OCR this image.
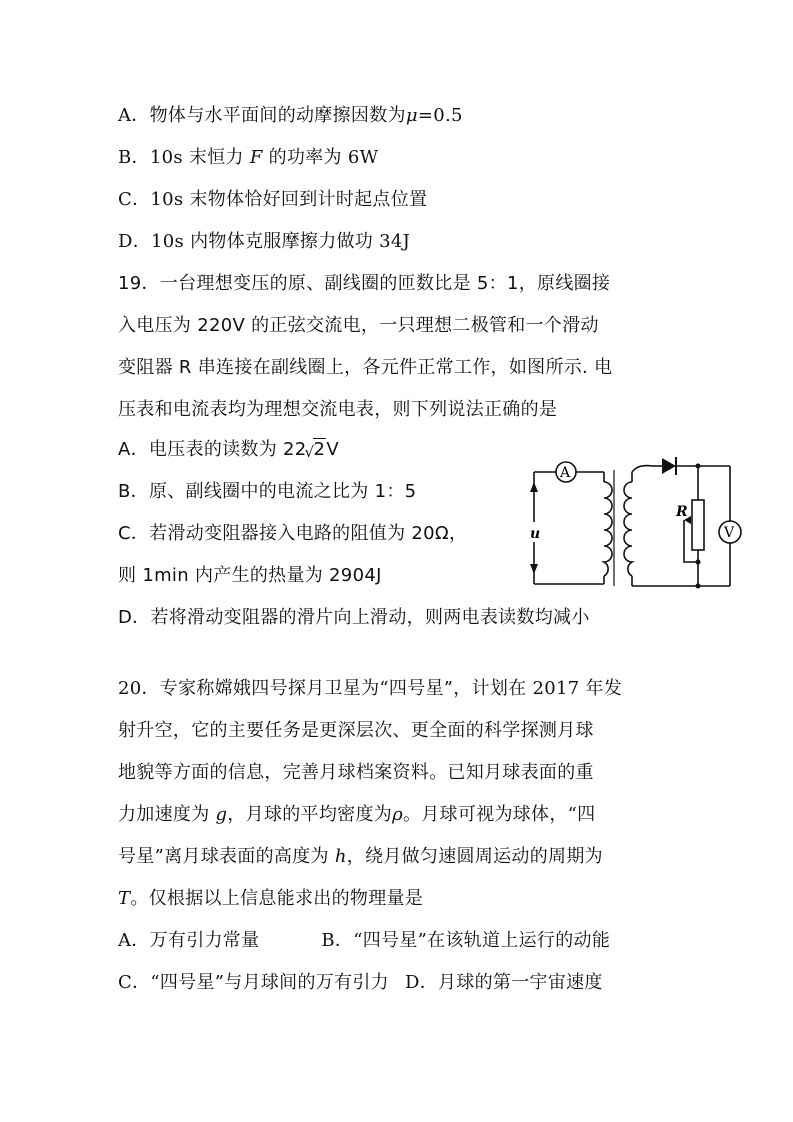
A．物体与水平面间的动摩擦因数为μ=0.5
B．10s 末恒力 F 的功率为 6W
C．10s 末物体恰好回到计时起点位置
D．10s 内物体克服摩擦力做功 34J
19．一台理想变压的原、副线圈的匝数比是 5：1，原线圈接
入电压为 220V 的正弦交流电，一只理想二极管和一个滑动
变阻器 R 串连接在副线圈上，各元件正常工作，如图所示. 电
压表和电流表均为理想交流电表，则下列说法正确的是
A．电压表的读数为 22
√ 2V
B．原、副线圈中的电流之比为 1：5
C．若滑动变阻器接入电路的阻值为 20Ω，
则 1min 内产生的热量为 2904J
D．若将滑动变阻器的滑片向上滑动，则两电表读数均减小
u
A
V
R
20．专家称嫦娥四号探月卫星为“四号星”，计划在 2017 年发
射升空，它的主要任务是更深层次、更全面的科学探测月球
地貌等方面的信息，完善月球档案资料。已知月球表面的重
力加速度为 g，月球的平均密度为ρ。月球可视为球体，“四
号星”离月球表面的高度为 h，绕月做匀速圆周运动的周期为
T。仅根据以上信息能求出的物理量是
A．万有引力常量	B．“四号星”在该轨道上运行的动能
C．“四号星”与月球间的万有引力 D．月球的第一宇宙速度
